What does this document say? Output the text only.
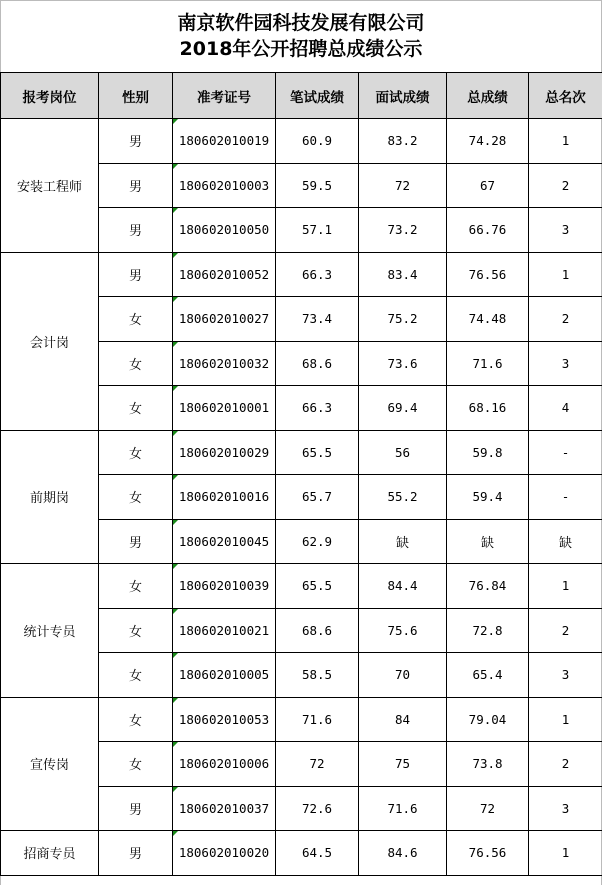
南京软件园科技发展有限公司
2018年公开招聘总成绩公示
报考岗位	性别	准考证号	笔试成绩	面试成绩	总成绩	总名次
安装工程师	男	180602010019	60.9	83.2	74.28	1
	男	180602010003	59.5	72	67	2
	男	180602010050	57.1	73.2	66.76	3
会计岗	男	180602010052	66.3	83.4	76.56	1
	女	180602010027	73.4	75.2	74.48	2
	女	180602010032	68.6	73.6	71.6	3
	女	180602010001	66.3	69.4	68.16	4
前期岗	女	180602010029	65.5	56	59.8	-
	女	180602010016	65.7	55.2	59.4	-
	男	180602010045	62.9	缺	缺	缺
统计专员	女	180602010039	65.5	84.4	76.84	1
	女	180602010021	68.6	75.6	72.8	2
	女	180602010005	58.5	70	65.4	3
宣传岗	女	180602010053	71.6	84	79.04	1
	女	180602010006	72	75	73.8	2
	男	180602010037	72.6	71.6	72	3
招商专员	男	180602010020	64.5	84.6	76.56	1
